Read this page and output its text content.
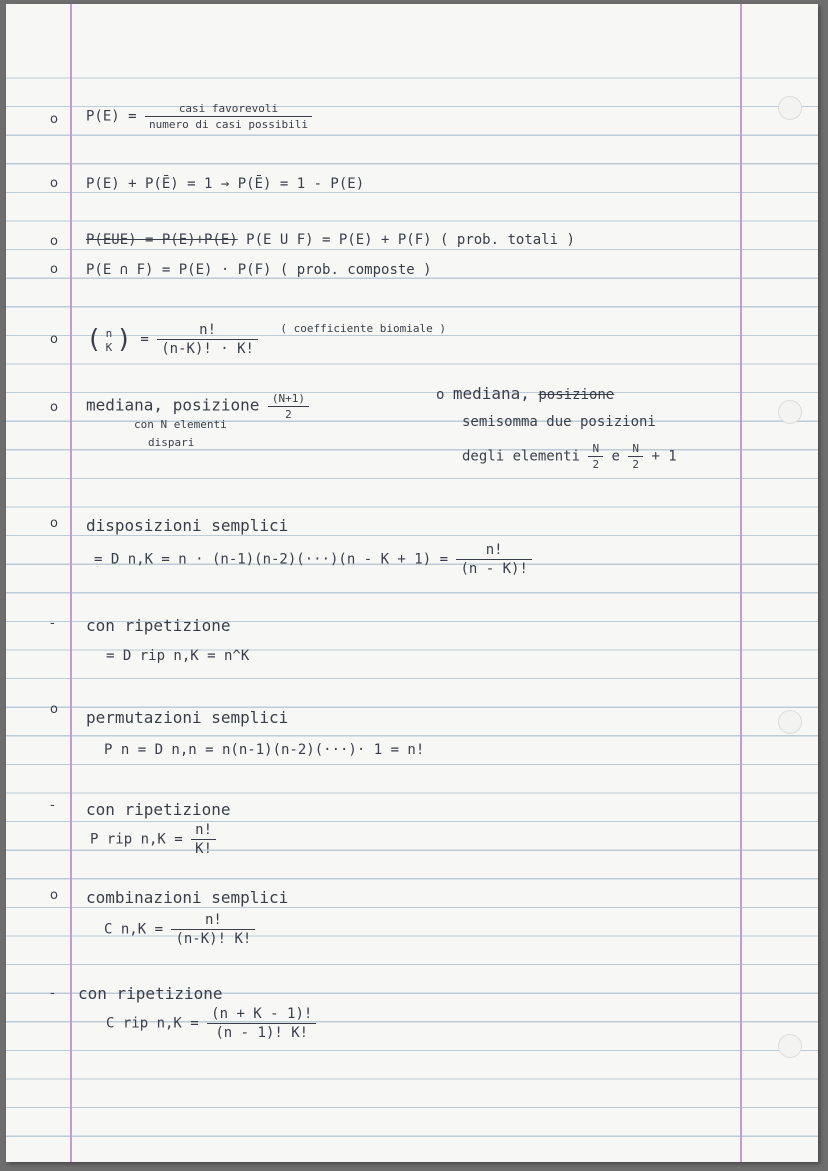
o
o
o
o
o
o
o
-
o
-
o
-
$P(E) = \frac{\text{casi favorevoli}}{\text{numero di casi possibili}}$
P(E) + P(Ē) = 1 → P(Ē) = 1 - P(E)
P(EUE) = P(E)+P(E) P(E U F) = P(E) + P(F) ( prob. totali )
P(E ∩ F) = P(E) · P(F) ( prob. composte )
( n
K ) = $\frac{n!}{(n-K)! \cdot K!} ^{( coefficiente biomiale )}$
mediana, posizione $\frac{(N+1)}{2}$
con N elementi
dispari
o mediana, posizione
semisomma due posizioni
degli elementi $\frac{N}{2}$ e $\frac{N}{2} + 1$
disposizioni semplici
= D $n,K = n \cdot (n-1)(n-2)(\cdot\cdot\cdot)(n - K + 1) = \frac{n!}{(n - K)!}$
con ripetizione
= D rip n,K = n^K
permutazioni semplici
P n = D n,n = n(n-1)(n-2)(···)· 1 = n!
con ripetizione
P rip $n,K = \frac{n!}{K!}$
combinazioni semplici
C $n,K = \frac{n!}{(n-K)! K!}$
con ripetizione
C rip $n,K = \frac{(n + K - 1)!}{(n - 1)! K!}$
